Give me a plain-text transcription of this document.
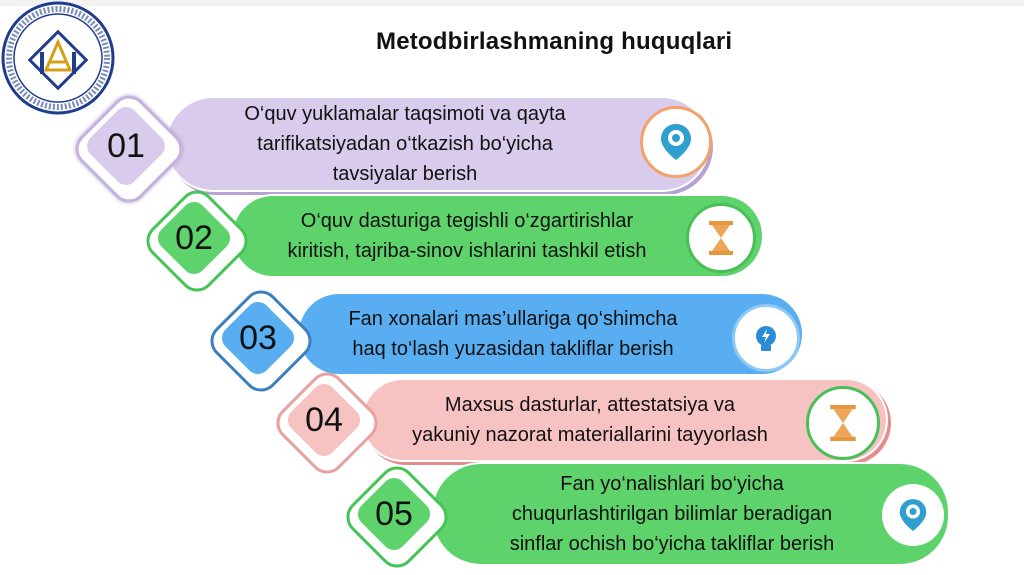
Metodbirlashmaning huquqlari
O‘quv yuklamalar taqsimoti va qayta
tarifikatsiyadan o‘tkazish bo‘yicha
tavsiyalar berish
01
O‘quv dasturiga tegishli o‘zgartirishlar
kiritish, tajriba-sinov ishlarini tashkil etish
02
Fan xonalari mas’ullariga qo‘shimcha
haq to‘lash yuzasidan takliflar berish
03
Maxsus dasturlar, attestatsiya va
yakuniy nazorat materiallarini tayyorlash
04
Fan yo‘nalishlari bo‘yicha
chuqurlashtirilgan bilimlar beradigan
sinflar ochish bo‘yicha takliflar berish
05
